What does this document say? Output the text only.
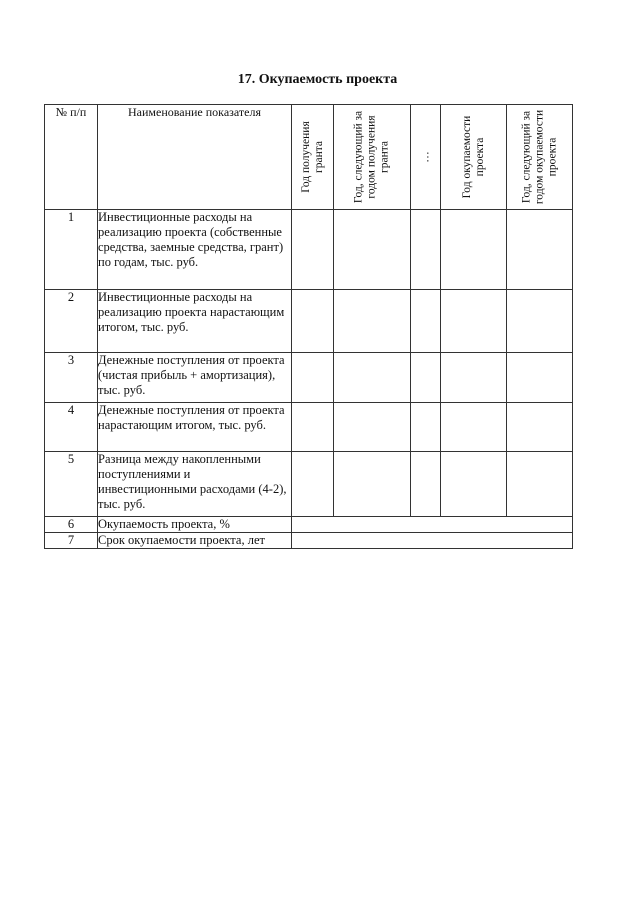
17. Окупаемость проекта
№ п/п	Наименование показателя	Год получения гранта	Год, следующий за годом получения гранта	…	Год окупаемости проекта	Год, следующий за годом окупаемости проекта

1	Инвестиционные расходы на реализацию проекта (собственные средства, заемные средства, грант) по годам, тыс. руб.					
2	Инвестиционные расходы на реализацию проекта нарастающим итогом, тыс. руб.					
3	Денежные поступления от проекта (чистая прибыль + амортизация), тыс. руб.					
4	Денежные поступления от проекта нарастающим итогом, тыс. руб.					
5	Разница между накопленными поступлениями и инвестиционными расходами (4-2), тыс. руб.					
6	Окупаемость проекта, %					
7	Срок окупаемости проекта, лет					
